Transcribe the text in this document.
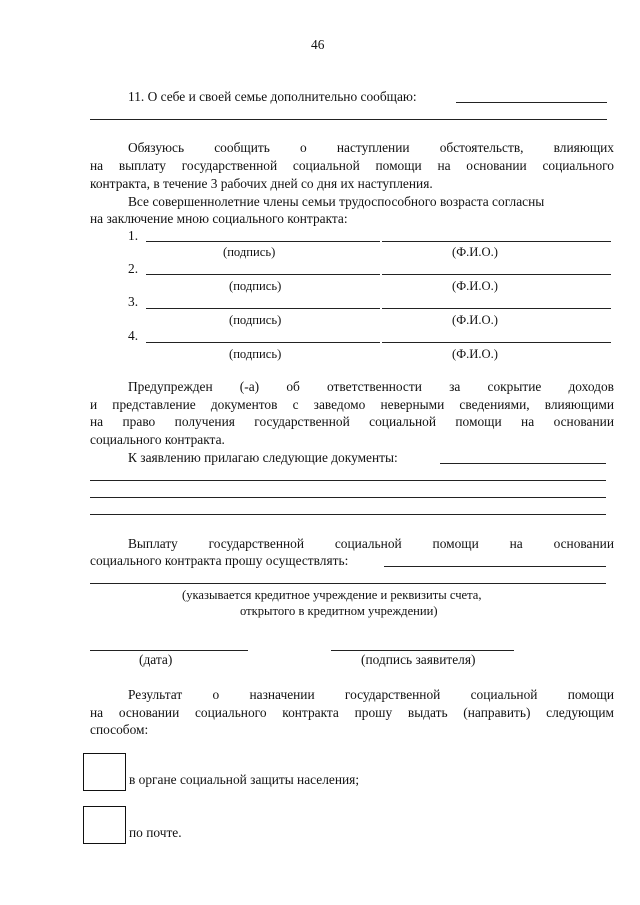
46
11. О себе и своей семье дополнительно сообщаю:
Обязуюсь сообщить о наступлении обстоятельств, влияющих
на выплату государственной социальной помощи на основании социального
контракта, в течение 3 рабочих дней со дня их наступления.
Все совершеннолетние члены семьи трудоспособного возраста согласны
на заключение мною социального контракта:
1.
(подпись)	(Ф.И.О.)
2.
(подпись)	(Ф.И.О.)
3.
(подпись)	(Ф.И.О.)
4.
(подпись)	(Ф.И.О.)
Предупрежден (-а) об ответственности за сокрытие доходов
и представление документов с заведомо неверными сведениями, влияющими
на право получения государственной социальной помощи на основании
социального контракта.
К заявлению прилагаю следующие документы:
Выплату государственной социальной помощи на основании
социального контракта прошу осуществлять:
(указывается кредитное учреждение и реквизиты счета,
открытого в кредитном учреждении)
(дата)	(подпись заявителя)
Результат о назначении государственной социальной помощи
на основании социального контракта прошу выдать (направить) следующим
способом:
в органе социальной защиты населения;
по почте.
